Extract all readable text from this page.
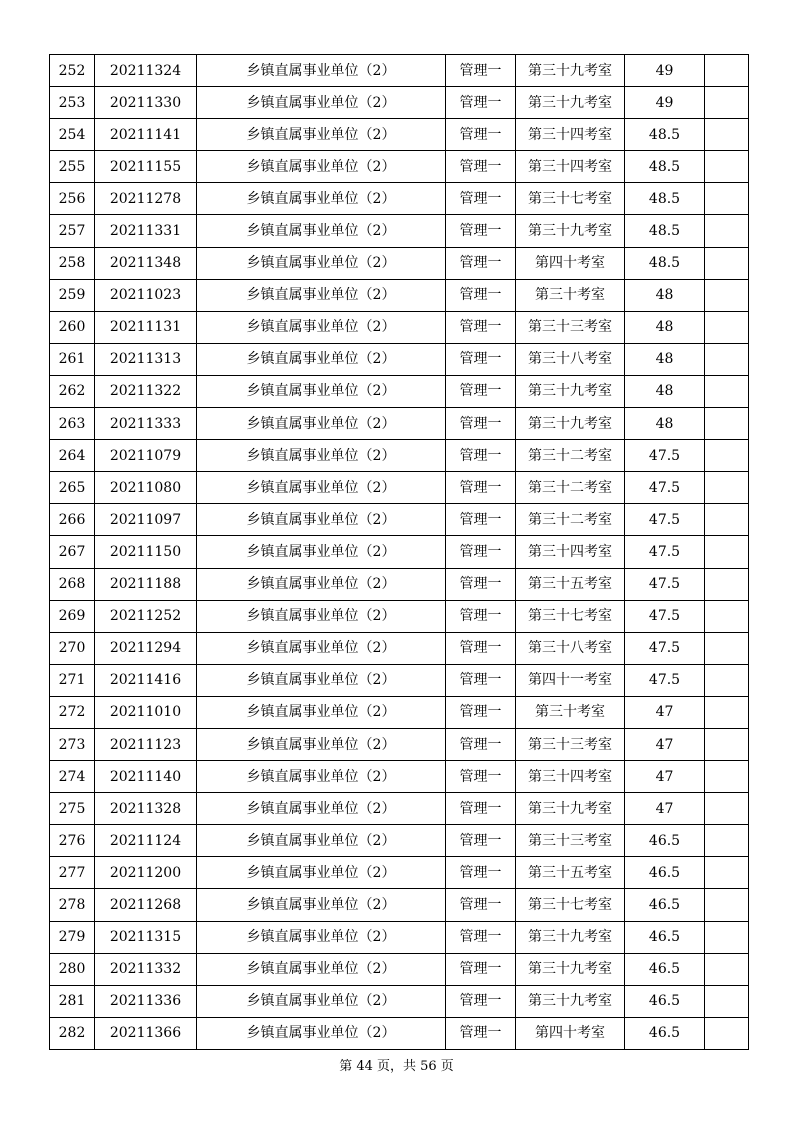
252	20211324	乡镇直属事业单位（2）	管理一	第三十九考室	49	
253	20211330	乡镇直属事业单位（2）	管理一	第三十九考室	49	
254	20211141	乡镇直属事业单位（2）	管理一	第三十四考室	48.5	
255	20211155	乡镇直属事业单位（2）	管理一	第三十四考室	48.5	
256	20211278	乡镇直属事业单位（2）	管理一	第三十七考室	48.5	
257	20211331	乡镇直属事业单位（2）	管理一	第三十九考室	48.5	
258	20211348	乡镇直属事业单位（2）	管理一	第四十考室	48.5	
259	20211023	乡镇直属事业单位（2）	管理一	第三十考室	48	
260	20211131	乡镇直属事业单位（2）	管理一	第三十三考室	48	
261	20211313	乡镇直属事业单位（2）	管理一	第三十八考室	48	
262	20211322	乡镇直属事业单位（2）	管理一	第三十九考室	48	
263	20211333	乡镇直属事业单位（2）	管理一	第三十九考室	48	
264	20211079	乡镇直属事业单位（2）	管理一	第三十二考室	47.5	
265	20211080	乡镇直属事业单位（2）	管理一	第三十二考室	47.5	
266	20211097	乡镇直属事业单位（2）	管理一	第三十二考室	47.5	
267	20211150	乡镇直属事业单位（2）	管理一	第三十四考室	47.5	
268	20211188	乡镇直属事业单位（2）	管理一	第三十五考室	47.5	
269	20211252	乡镇直属事业单位（2）	管理一	第三十七考室	47.5	
270	20211294	乡镇直属事业单位（2）	管理一	第三十八考室	47.5	
271	20211416	乡镇直属事业单位（2）	管理一	第四十一考室	47.5	
272	20211010	乡镇直属事业单位（2）	管理一	第三十考室	47	
273	20211123	乡镇直属事业单位（2）	管理一	第三十三考室	47	
274	20211140	乡镇直属事业单位（2）	管理一	第三十四考室	47	
275	20211328	乡镇直属事业单位（2）	管理一	第三十九考室	47	
276	20211124	乡镇直属事业单位（2）	管理一	第三十三考室	46.5	
277	20211200	乡镇直属事业单位（2）	管理一	第三十五考室	46.5	
278	20211268	乡镇直属事业单位（2）	管理一	第三十七考室	46.5	
279	20211315	乡镇直属事业单位（2）	管理一	第三十九考室	46.5	
280	20211332	乡镇直属事业单位（2）	管理一	第三十九考室	46.5	
281	20211336	乡镇直属事业单位（2）	管理一	第三十九考室	46.5	
282	20211366	乡镇直属事业单位（2）	管理一	第四十考室	46.5	
第 44 页，共 56 页
